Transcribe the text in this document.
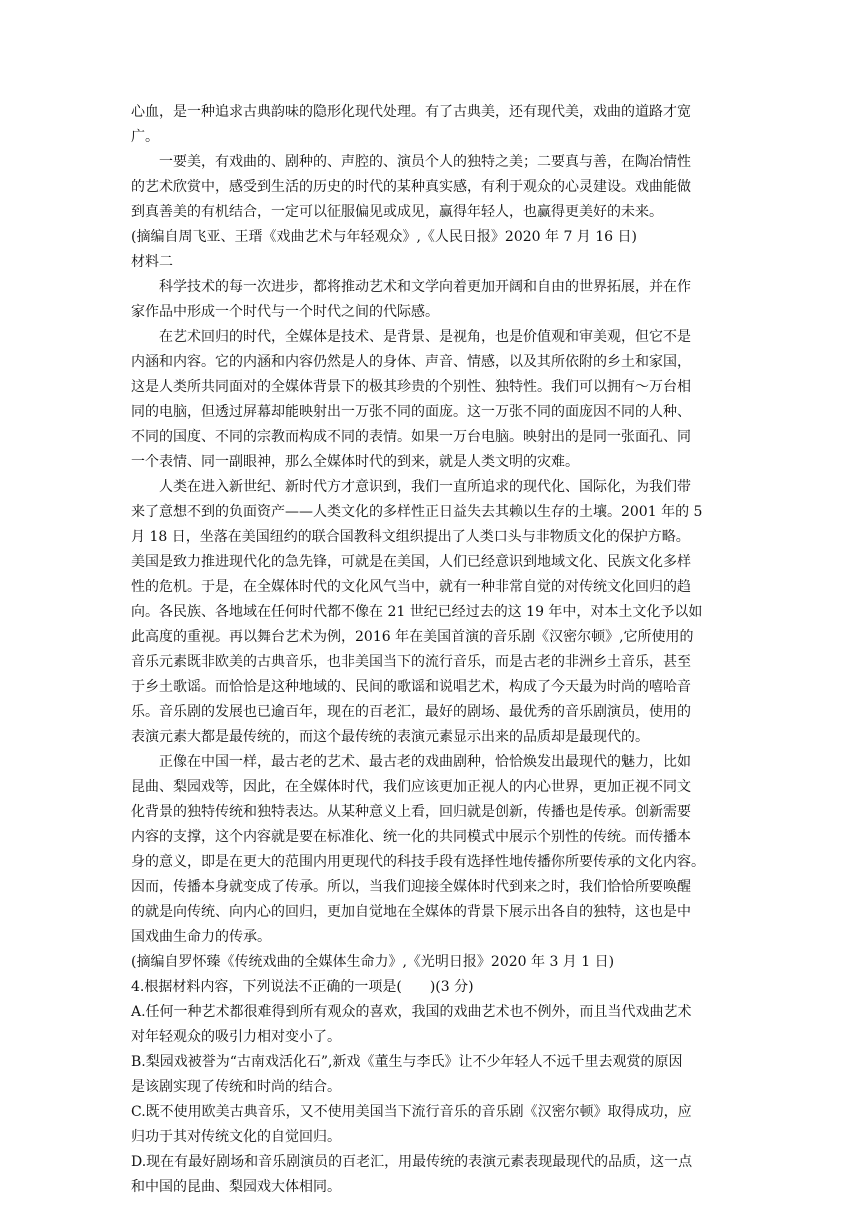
心血，是一种追求古典韵味的隐形化现代处理。有了古典美，还有现代美，戏曲的道路才宽
广。
一要美，有戏曲的、剧种的、声腔的、演员个人的独特之美；二要真与善，在陶冶情性
的艺术欣赏中，感受到生活的历史的时代的某种真实感，有利于观众的心灵建设。戏曲能做
到真善美的有机结合，一定可以征服偏见或成见，赢得年轻人，也赢得更美好的未来。
(摘编自周飞亚、王瑨《戏曲艺术与年轻观众》,《人民日报》2020 年 7 月 16 日)
材料二
科学技术的每一次进步，都将推动艺术和文学向着更加开阔和自由的世界拓展，并在作
家作品中形成一个时代与一个时代之间的代际感。
在艺术回归的时代，全媒体是技术、是背景、是视角，也是价值观和审美观，但它不是
内涵和内容。它的内涵和内容仍然是人的身体、声音、情感，以及其所依附的乡土和家国，
这是人类所共同面对的全媒体背景下的极其珍贵的个别性、独特性。我们可以拥有～万台相
同的电脑，但透过屏幕却能映射出一万张不同的面庞。这一万张不同的面庞因不同的人种、
不同的国度、不同的宗教而构成不同的表情。如果一万台电脑。映射出的是同一张面孔、同
一个表情、同一副眼神，那么全媒体时代的到来，就是人类文明的灾难。
人类在进入新世纪、新时代方才意识到，我们一直所追求的现代化、国际化，为我们带
来了意想不到的负面资产——人类文化的多样性正日益失去其赖以生存的土壤。2001 年的 5
月 18 日，坐落在美国纽约的联合国教科文组织提出了人类口头与非物质文化的保护方略。
美国是致力推进现代化的急先锋，可就是在美国，人们已经意识到地域文化、民族文化多样
性的危机。于是，在全媒体时代的文化风气当中，就有一种非常自觉的对传统文化回归的趋
向。各民族、各地域在任何时代都不像在 21 世纪已经过去的这 19 年中，对本土文化予以如
此高度的重视。再以舞台艺术为例，2016 年在美国首演的音乐剧《汉密尔顿》,它所使用的
音乐元素既非欧美的古典音乐，也非美国当下的流行音乐，而是古老的非洲乡土音乐，甚至
于乡土歌谣。而恰恰是这种地域的、民间的歌谣和说唱艺术，构成了今天最为时尚的嘻哈音
乐。音乐剧的发展也已逾百年，现在的百老汇，最好的剧场、最优秀的音乐剧演员，使用的
表演元素大都是最传统的，而这个最传统的表演元素显示出来的品质却是最现代的。
正像在中国一样，最古老的艺术、最古老的戏曲剧种，恰恰焕发出最现代的魅力，比如
昆曲、梨园戏等，因此，在全媒体时代，我们应该更加正视人的内心世界，更加正视不同文
化背景的独特传统和独特表达。从某种意义上看，回归就是创新，传播也是传承。创新需要
内容的支撑，这个内容就是要在标准化、统一化的共同模式中展示个别性的传统。而传播本
身的意义，即是在更大的范围内用更现代的科技手段有选择性地传播你所要传承的文化内容。
因而，传播本身就变成了传承。所以，当我们迎接全媒体时代到来之时，我们恰恰所要唤醒
的就是向传统、向内心的回归，更加自觉地在全媒体的背景下展示出各自的独特，这也是中
国戏曲生命力的传承。
(摘编自罗怀臻《传统戏曲的全媒体生命力》,《光明日报》2020 年 3 月 1 日)
4.根据材料内容，下列说法不正确的一项是(　　)(3 分)
A.任何一种艺术都很难得到所有观众的喜欢，我国的戏曲艺术也不例外，而且当代戏曲艺术
对年轻观众的吸引力相对变小了。
B.梨园戏被誉为“古南戏活化石”,新戏《董生与李氏》让不少年轻人不远千里去观赏的原因
是该剧实现了传统和时尚的结合。
C.既不使用欧美古典音乐，又不使用美国当下流行音乐的音乐剧《汉密尔顿》取得成功，应
归功于其对传统文化的自觉回归。
D.现在有最好剧场和音乐剧演员的百老汇，用最传统的表演元素表现最现代的品质，这一点
和中国的昆曲、梨园戏大体相同。
